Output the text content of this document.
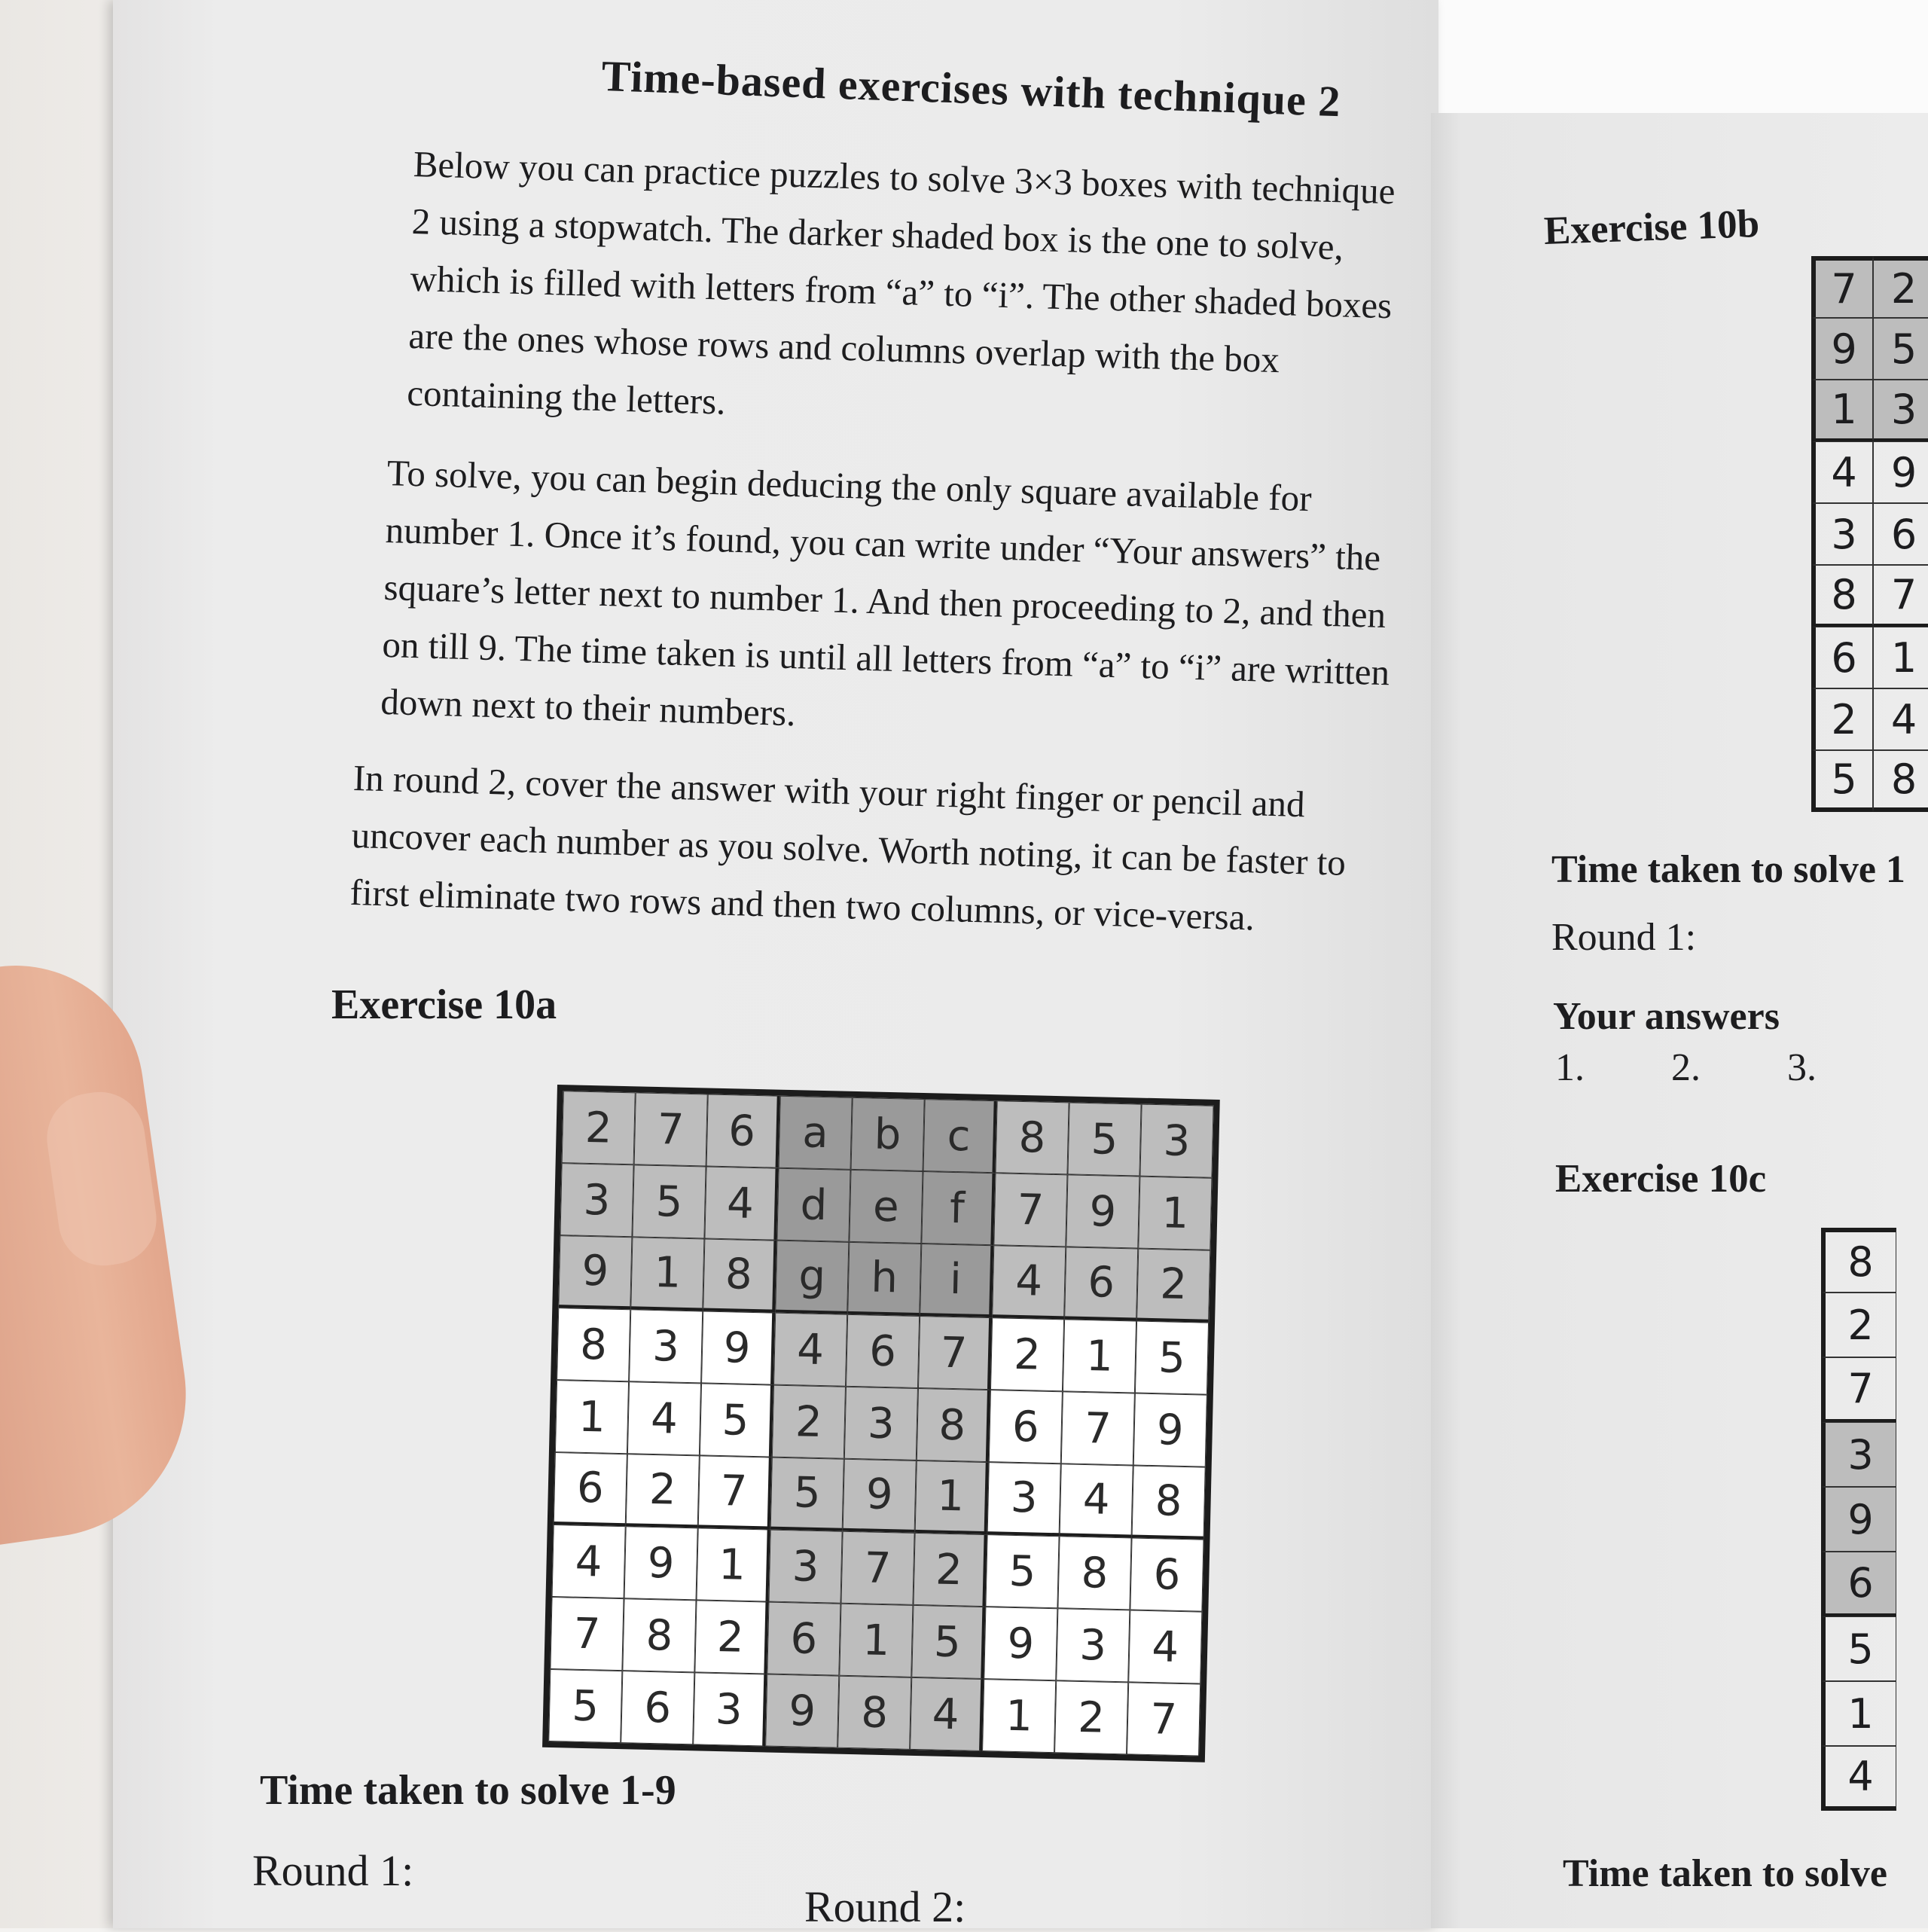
Time-based exercises with technique 2

Below you can practice puzzles to solve 3×3 boxes with technique 2 using a stopwatch. The darker shaded box is the one to solve, which is filled with letters from “a” to “i”. The other shaded boxes are the ones whose rows and columns overlap with the box containing the letters.

To solve, you can begin deducing the only square available for number 1. Once it’s found, you can write under “Your answers” the square’s letter next to number 1. And then proceeding to 2, and then on till 9. The time taken is until all letters from “a” to “i” are written down next to their numbers.

In round 2, cover the answer with your right finger or pencil and uncover each number as you solve. Worth noting, it can be faster to first eliminate two rows and then two columns, or vice-versa.

Exercise 10a
2	7	6	a	b	c	8	5	3
3	5	4	d	e	f	7	9	1
9	1	8	g	h	i	4	6	2
8	3	9	4	6	7	2	1	5
1	4	5	2	3	8	6	7	9
6	2	7	5	9	1	3	4	8
4	9	1	3	7	2	5	8	6
7	8	2	6	1	5	9	3	4
5	6	3	9	8	4	1	2	7
Time taken to solve 1-9
Round 1:
Round 2:
Exercise 10b
7 2
9 5
1 3
4 9
3 6
8 7
6 1
2 4
5 8
Time taken to solve 1
Round 1:
Your answers
1. 2. 3.
Exercise 10c
8
2
7
3
9
6
5
1
4
Time taken to solve
